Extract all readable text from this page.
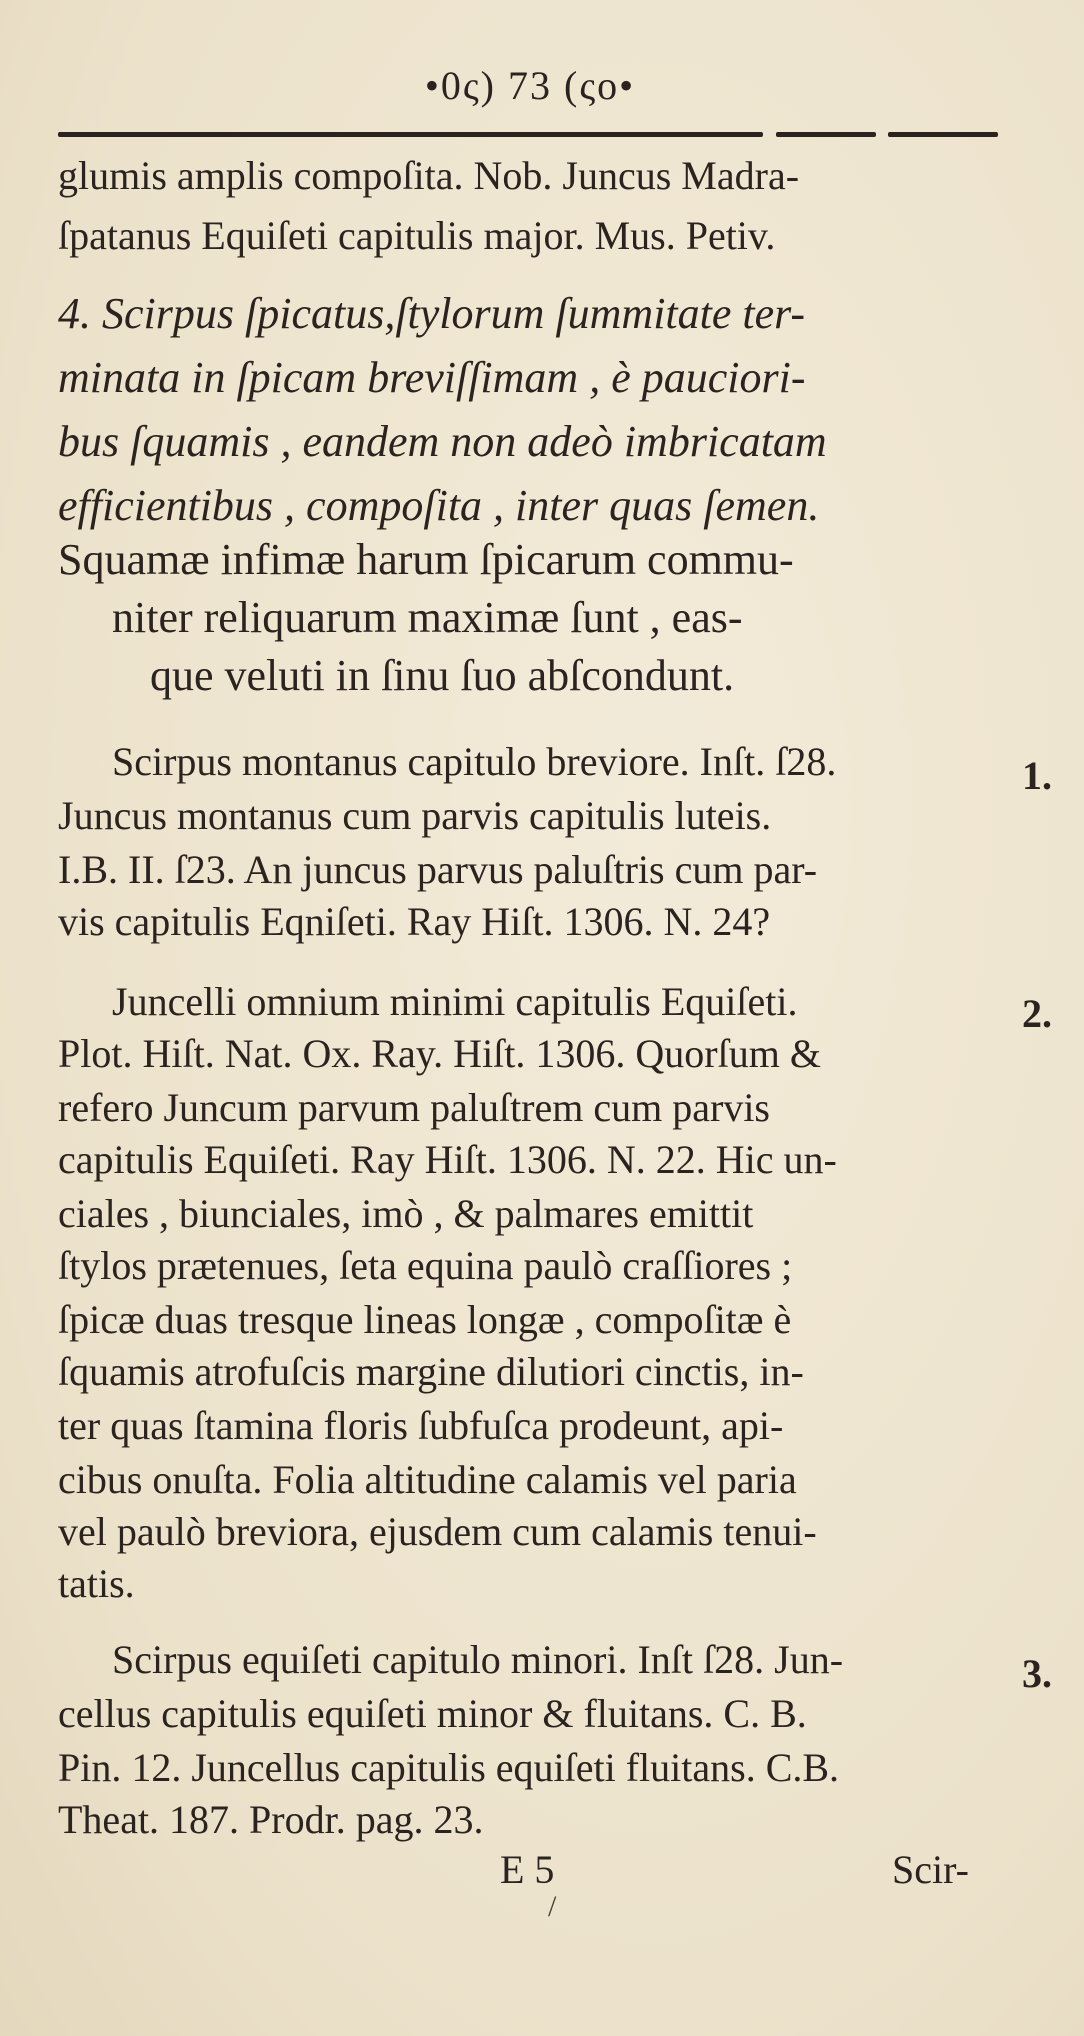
•0ς) 73 (ςο•
glumis amplis compoſita. Nob. Juncus Madra-
ſpatanus Equiſeti capitulis major. Mus. Petiv.
4. Scirpus ſpicatus,ſtylorum ſummitate ter-
minata in ſpicam breviſſimam , è pauciori-
bus ſquamis , eandem non adeò imbricatam
efficientibus , compoſita , inter quas ſemen.
Squamæ infimæ harum ſpicarum commu-
niter reliquarum maximæ ſunt , eas-
que veluti in ſinu ſuo abſcondunt.
Scirpus montanus capitulo breviore. Inſt. ſ28.	1.
Juncus montanus cum parvis capitulis luteis.
I.B. II. ſ23. An juncus parvus paluſtris cum par-
vis capitulis Eqniſeti. Ray Hiſt. 1306. N. 24?
Juncelli omnium minimi capitulis Equiſeti.	2.
Plot. Hiſt. Nat. Ox. Ray. Hiſt. 1306. Quorſum &
refero Juncum parvum paluſtrem cum parvis
capitulis Equiſeti. Ray Hiſt. 1306. N. 22. Hic un-
ciales , biunciales, imò , & palmares emittit
ſtylos prætenues, ſeta equina paulò craſſiores ;
ſpicæ duas tresque lineas longæ , compoſitæ è
ſquamis atrofuſcis margine dilutiori cinctis, in-
ter quas ſtamina floris ſubfuſca prodeunt, api-
cibus onuſta. Folia altitudine calamis vel paria
vel paulò breviora, ejusdem cum calamis tenui-
tatis.
Scirpus equiſeti capitulo minori. Inſt ſ28. Jun-	3.
cellus capitulis equiſeti minor & fluitans. C. B.
Pin. 12. Juncellus capitulis equiſeti fluitans. C.B.
Theat. 187. Prodr. pag. 23.
E 5	Scir-
/
